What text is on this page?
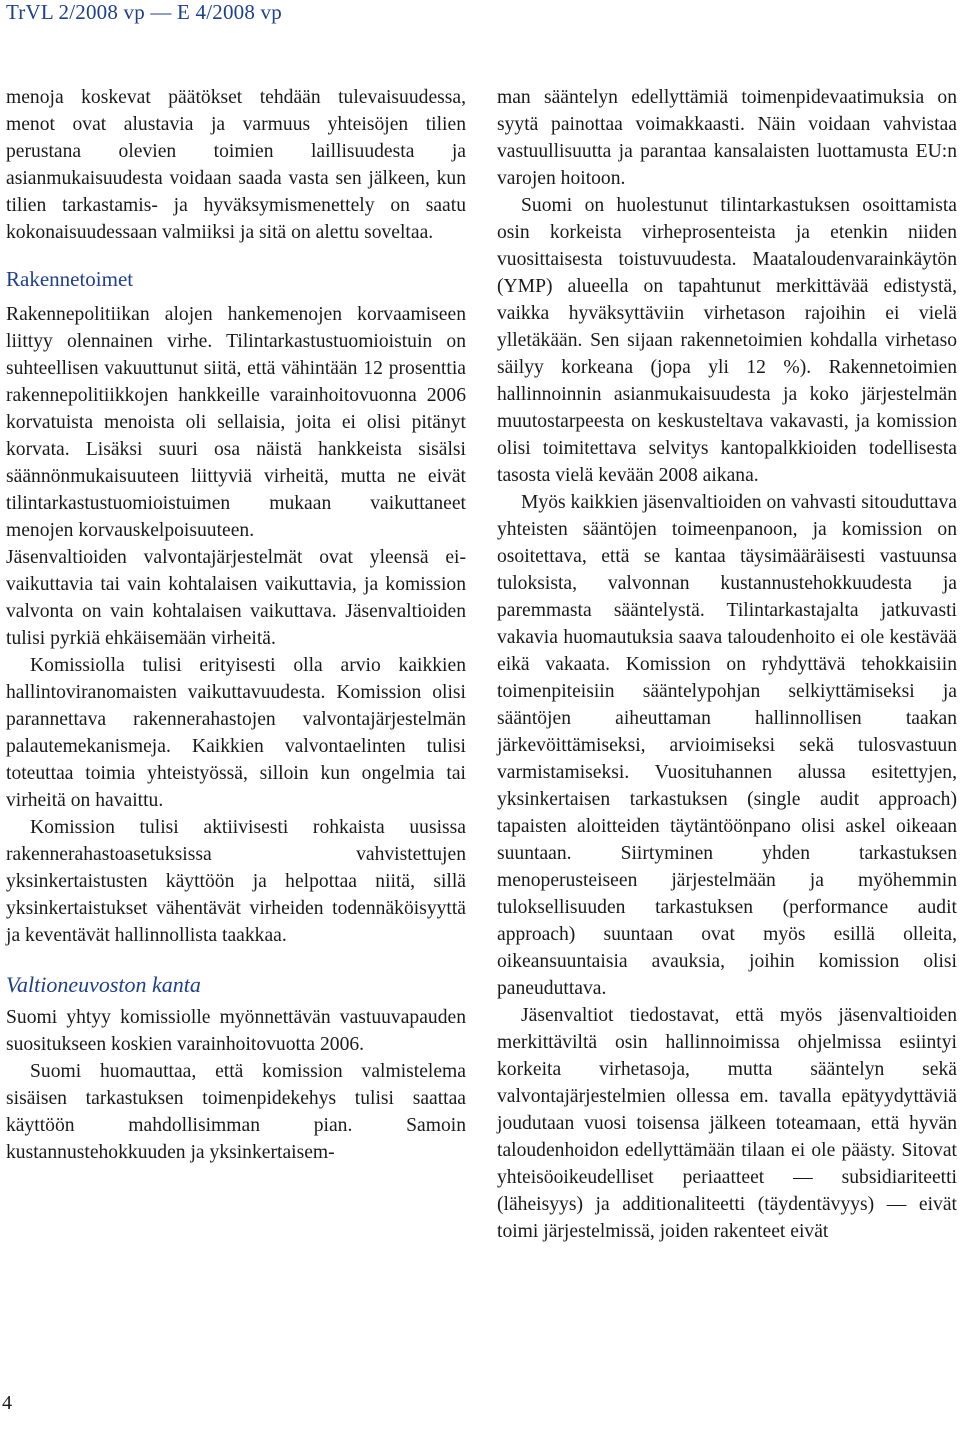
TrVL 2/2008 vp — E 4/2008 vp

menoja koskevat päätökset tehdään tulevaisuudessa, menot ovat alustavia ja varmuus yhteisöjen tilien perustana olevien toimien laillisuudesta ja asianmukaisuudesta voidaan saada vasta sen jälkeen, kun tilien tarkastamis- ja hyväksymismenettely on saatu kokonaisuudessaan valmiiksi ja sitä on alettu soveltaa.

Rakennetoimet

Rakennepolitiikan alojen hankemenojen korvaamiseen liittyy olennainen virhe. Tilintarkastustuomioistuin on suhteellisen vakuuttunut siitä, että vähintään 12 prosenttia rakennepolitiikkojen hankkeille varainhoitovuonna 2006 korvatuista menoista oli sellaisia, joita ei olisi pitänyt korvata. Lisäksi suuri osa näistä hankkeista sisälsi säännönmukaisuuteen liittyviä virheitä, mutta ne eivät tilintarkastustuomioistuimen mukaan vaikuttaneet menojen korvauskelpoisuuteen.

Jäsenvaltioiden valvontajärjestelmät ovat yleensä ei-vaikuttavia tai vain kohtalaisen vaikuttavia, ja komission valvonta on vain kohtalaisen vaikuttava. Jäsenvaltioiden tulisi pyrkiä ehkäisemään virheitä.

Komissiolla tulisi erityisesti olla arvio kaikkien hallintoviranomaisten vaikuttavuudesta. Komission olisi parannettava rakennerahastojen valvontajärjestelmän palautemekanismeja. Kaikkien valvontaelinten tulisi toteuttaa toimia yhteistyössä, silloin kun ongelmia tai virheitä on havaittu.

Komission tulisi aktiivisesti rohkaista uusissa rakennerahastoasetuksissa vahvistettujen yksinkertaistusten käyttöön ja helpottaa niitä, sillä yksinkertaistukset vähentävät virheiden todennäköisyyttä ja keventävät hallinnollista taakkaa.

Valtioneuvoston kanta

Suomi yhtyy komissiolle myönnettävän vastuuvapauden suositukseen koskien varainhoitovuotta 2006.

Suomi huomauttaa, että komission valmistelema sisäisen tarkastuksen toimenpidekehys tulisi saattaa käyttöön mahdollisimman pian. Samoin kustannustehokkuuden ja yksinkertaisem-

man sääntelyn edellyttämiä toimenpidevaatimuksia on syytä painottaa voimakkaasti. Näin voidaan vahvistaa vastuullisuutta ja parantaa kansalaisten luottamusta EU:n varojen hoitoon.

Suomi on huolestunut tilintarkastuksen osoittamista osin korkeista virheprosenteista ja etenkin niiden vuosittaisesta toistuvuudesta. Maataloudenvarainkäytön (YMP) alueella on tapahtunut merkittävää edistystä, vaikka hyväksyttäviin virhetason rajoihin ei vielä ylletäkään. Sen sijaan rakennetoimien kohdalla virhetaso säilyy korkeana (jopa yli 12 %). Rakennetoimien hallinnoinnin asianmukaisuudesta ja koko järjestelmän muutostarpeesta on keskusteltava vakavasti, ja komission olisi toimitettava selvitys kantopalkkioiden todellisesta tasosta vielä kevään 2008 aikana.

Myös kaikkien jäsenvaltioiden on vahvasti sitouduttava yhteisten sääntöjen toimeenpanoon, ja komission on osoitettava, että se kantaa täysimääräisesti vastuunsa tuloksista, valvonnan kustannustehokkuudesta ja paremmasta sääntelystä. Tilintarkastajalta jatkuvasti vakavia huomautuksia saava taloudenhoito ei ole kestävää eikä vakaata. Komission on ryhdyttävä tehokkaisiin toimenpiteisiin sääntelypohjan selkiyttämiseksi ja sääntöjen aiheuttaman hallinnollisen taakan järkevöittämiseksi, arvioimiseksi sekä tulosvastuun varmistamiseksi. Vuosituhannen alussa esitettyjen, yksinkertaisen tarkastuksen (single audit approach) tapaisten aloitteiden täytäntöönpano olisi askel oikeaan suuntaan. Siirtyminen yhden tarkastuksen menoperusteiseen järjestelmään ja myöhemmin tuloksellisuuden tarkastuksen (performance audit approach) suuntaan ovat myös esillä olleita, oikeansuuntaisia avauksia, joihin komission olisi paneuduttava.

Jäsenvaltiot tiedostavat, että myös jäsenvaltioiden merkittäviltä osin hallinnoimissa ohjelmissa esiintyi korkeita virhetasoja, mutta sääntelyn sekä valvontajärjestelmien ollessa em. tavalla epätyydyttäviä joudutaan vuosi toisensa jälkeen toteamaan, että hyvän taloudenhoidon edellyttämään tilaan ei ole päästy. Sitovat yhteisöoikeudelliset periaatteet — subsidiariteetti (läheisyys) ja additionaliteetti (täydentävyys) — eivät toimi järjestelmissä, joiden rakenteet eivät

4
